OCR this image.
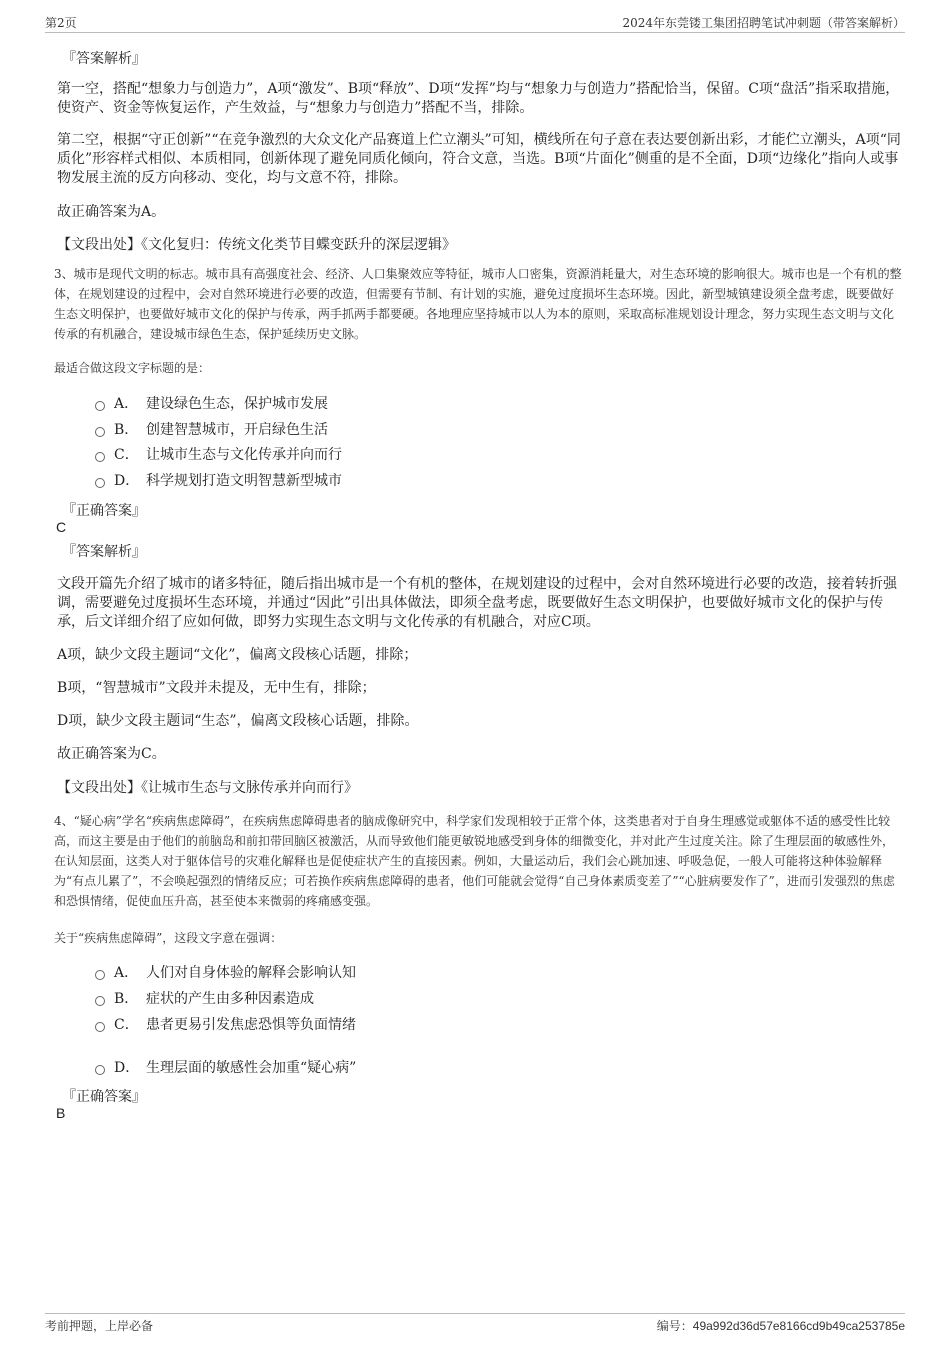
第2页	2024年东莞镂工集团招聘笔试冲刺题（带答案解析）
『答案解析』
第一空，搭配“想象力与创造力”，A项“激发”、B项“释放”、D项“发挥”均与“想象力与创造力”搭配恰当，保留。C项“盘活”指采取措施，使资产、资金等恢复运作，产生效益，与“想象力与创造力”搭配不当，排除。
第二空，根据“守正创新”“在竞争激烈的大众文化产品赛道上伫立潮头”可知，横线所在句子意在表达要创新出彩，才能伫立潮头，A项“同质化”形容样式相似、本质相同，创新体现了避免同质化倾向，符合文意，当选。B项“片面化”侧重的是不全面，D项“边缘化”指向人或事物发展主流的反方向移动、变化，均与文意不符，排除。
故正确答案为A。
【文段出处】《文化复归：传统文化类节目蝶变跃升的深层逻辑》
3、城市是现代文明的标志。城市具有高强度社会、经济、人口集聚效应等特征，城市人口密集，资源消耗量大，对生态环境的影响很大。城市也是一个有机的整体，在规划建设的过程中，会对自然环境进行必要的改造，但需要有节制、有计划的实施，避免过度损坏生态环境。因此，新型城镇建设须全盘考虑，既要做好生态文明保护，也要做好城市文化的保护与传承，两手抓两手都要硬。各地理应坚持城市以人为本的原则，采取高标准规划设计理念，努力实现生态文明与文化传承的有机融合，建设城市绿色生态，保护延续历史文脉。
最适合做这段文字标题的是：
A． 建设绿色生态，保护城市发展
B． 创建智慧城市，开启绿色生活
C． 让城市生态与文化传承并向而行
D． 科学规划打造文明智慧新型城市
『正确答案』
C
『答案解析』
文段开篇先介绍了城市的诸多特征，随后指出城市是一个有机的整体，在规划建设的过程中，会对自然环境进行必要的改造，接着转折强调，需要避免过度损坏生态环境，并通过“因此”引出具体做法，即须全盘考虑，既要做好生态文明保护，也要做好城市文化的保护与传承，后文详细介绍了应如何做，即努力实现生态文明与文化传承的有机融合，对应C项。
A项，缺少文段主题词“文化”，偏离文段核心话题，排除；
B项，“智慧城市”文段并未提及，无中生有，排除；
D项，缺少文段主题词“生态”，偏离文段核心话题，排除。
故正确答案为C。
【文段出处】《让城市生态与文脉传承并向而行》
4、“疑心病”学名“疾病焦虑障碍”，在疾病焦虑障碍患者的脑成像研究中，科学家们发现相较于正常个体，这类患者对于自身生理感觉或躯体不适的感受性比较高，而这主要是由于他们的前脑岛和前扣带回脑区被激活，从而导致他们能更敏锐地感受到身体的细微变化，并对此产生过度关注。除了生理层面的敏感性外，在认知层面，这类人对于躯体信号的灾难化解释也是促使症状产生的直接因素。例如，大量运动后，我们会心跳加速、呼吸急促，一般人可能将这种体验解释为“有点儿累了”，不会唤起强烈的情绪反应；可若换作疾病焦虑障碍的患者，他们可能就会觉得“自己身体素质变差了”“心脏病要发作了”，进而引发强烈的焦虑和恐惧情绪，促使血压升高，甚至使本来微弱的疼痛感变强。
关于“疾病焦虑障碍”，这段文字意在强调：
A． 人们对自身体验的解释会影响认知
B． 症状的产生由多种因素造成
C． 患者更易引发焦虑恐惧等负面情绪
D． 生理层面的敏感性会加重“疑心病”
『正确答案』
B
考前押题，上岸必备	编号：49a992d36d57e8166cd9b49ca253785e
